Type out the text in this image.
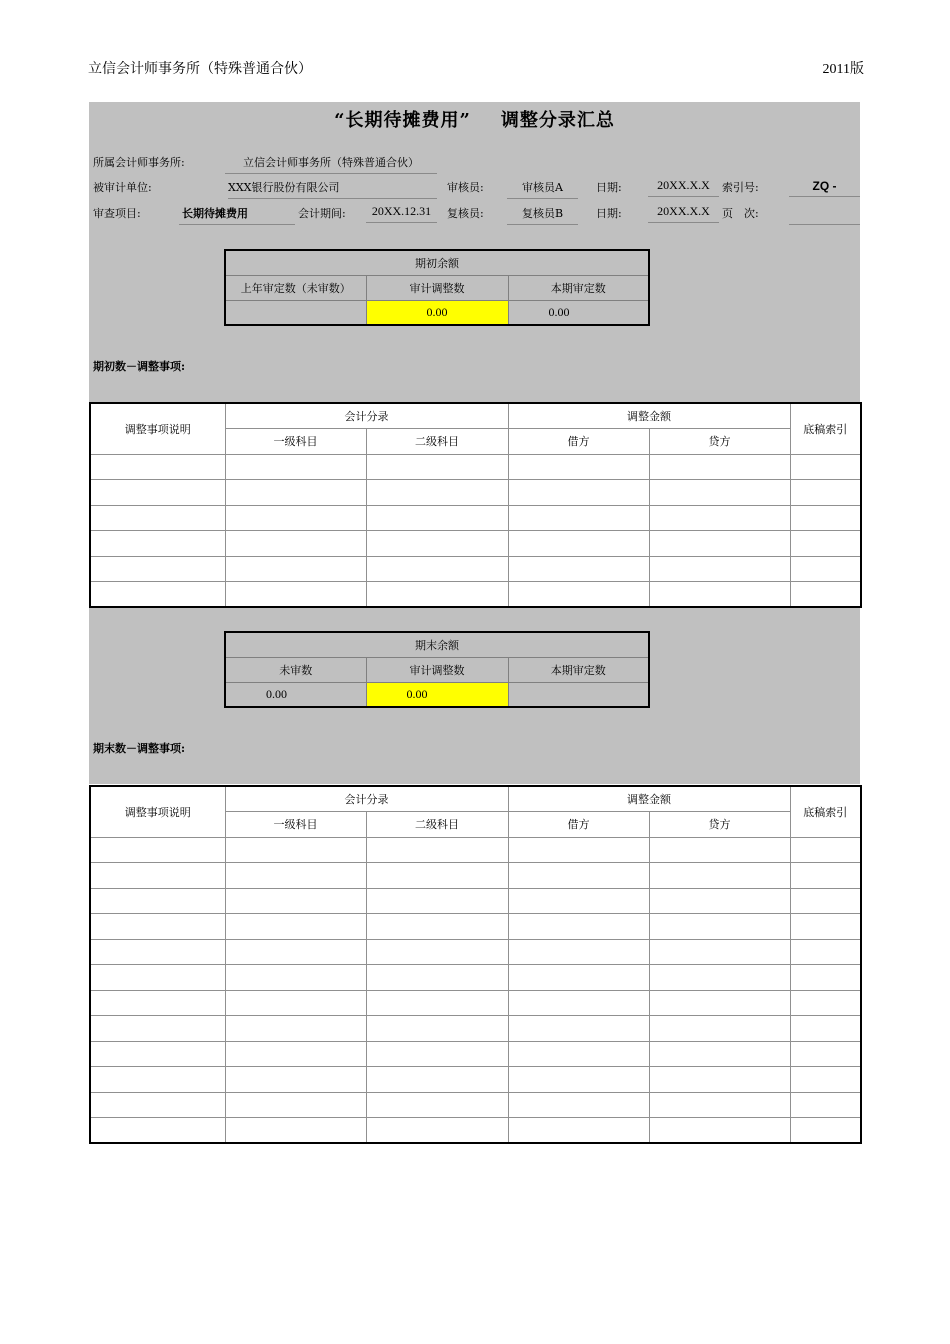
立信会计师事务所（特殊普通合伙）	2011版
“长期待摊费用” 调整分录汇总
所属会计师事务所:	立信会计师事务所（特殊普通合伙）
被审计单位:	XXX银行股份有限公司	审核员:	审核员A	日期:	20XX.X.X	索引号:	ZQ -
审查项目:	长期待摊费用	会计期间:	20XX.12.31	复核员:	复核员B	日期:	20XX.X.X	页　次:
期初余额		
上年审定数（未审数）	审计调整数	本期审定数
	0.00	0.00
期初数－调整事项:
期末余额		
未审数	审计调整数	本期审定数
0.00	0.00	
期末数－调整事项:
调整事项说明	会计分录		调整金额		底稿索引
	一级科目	二级科目	借方	贷方	

调整事项说明	会计分录		调整金额		底稿索引
	一级科目	二级科目	借方	贷方	
